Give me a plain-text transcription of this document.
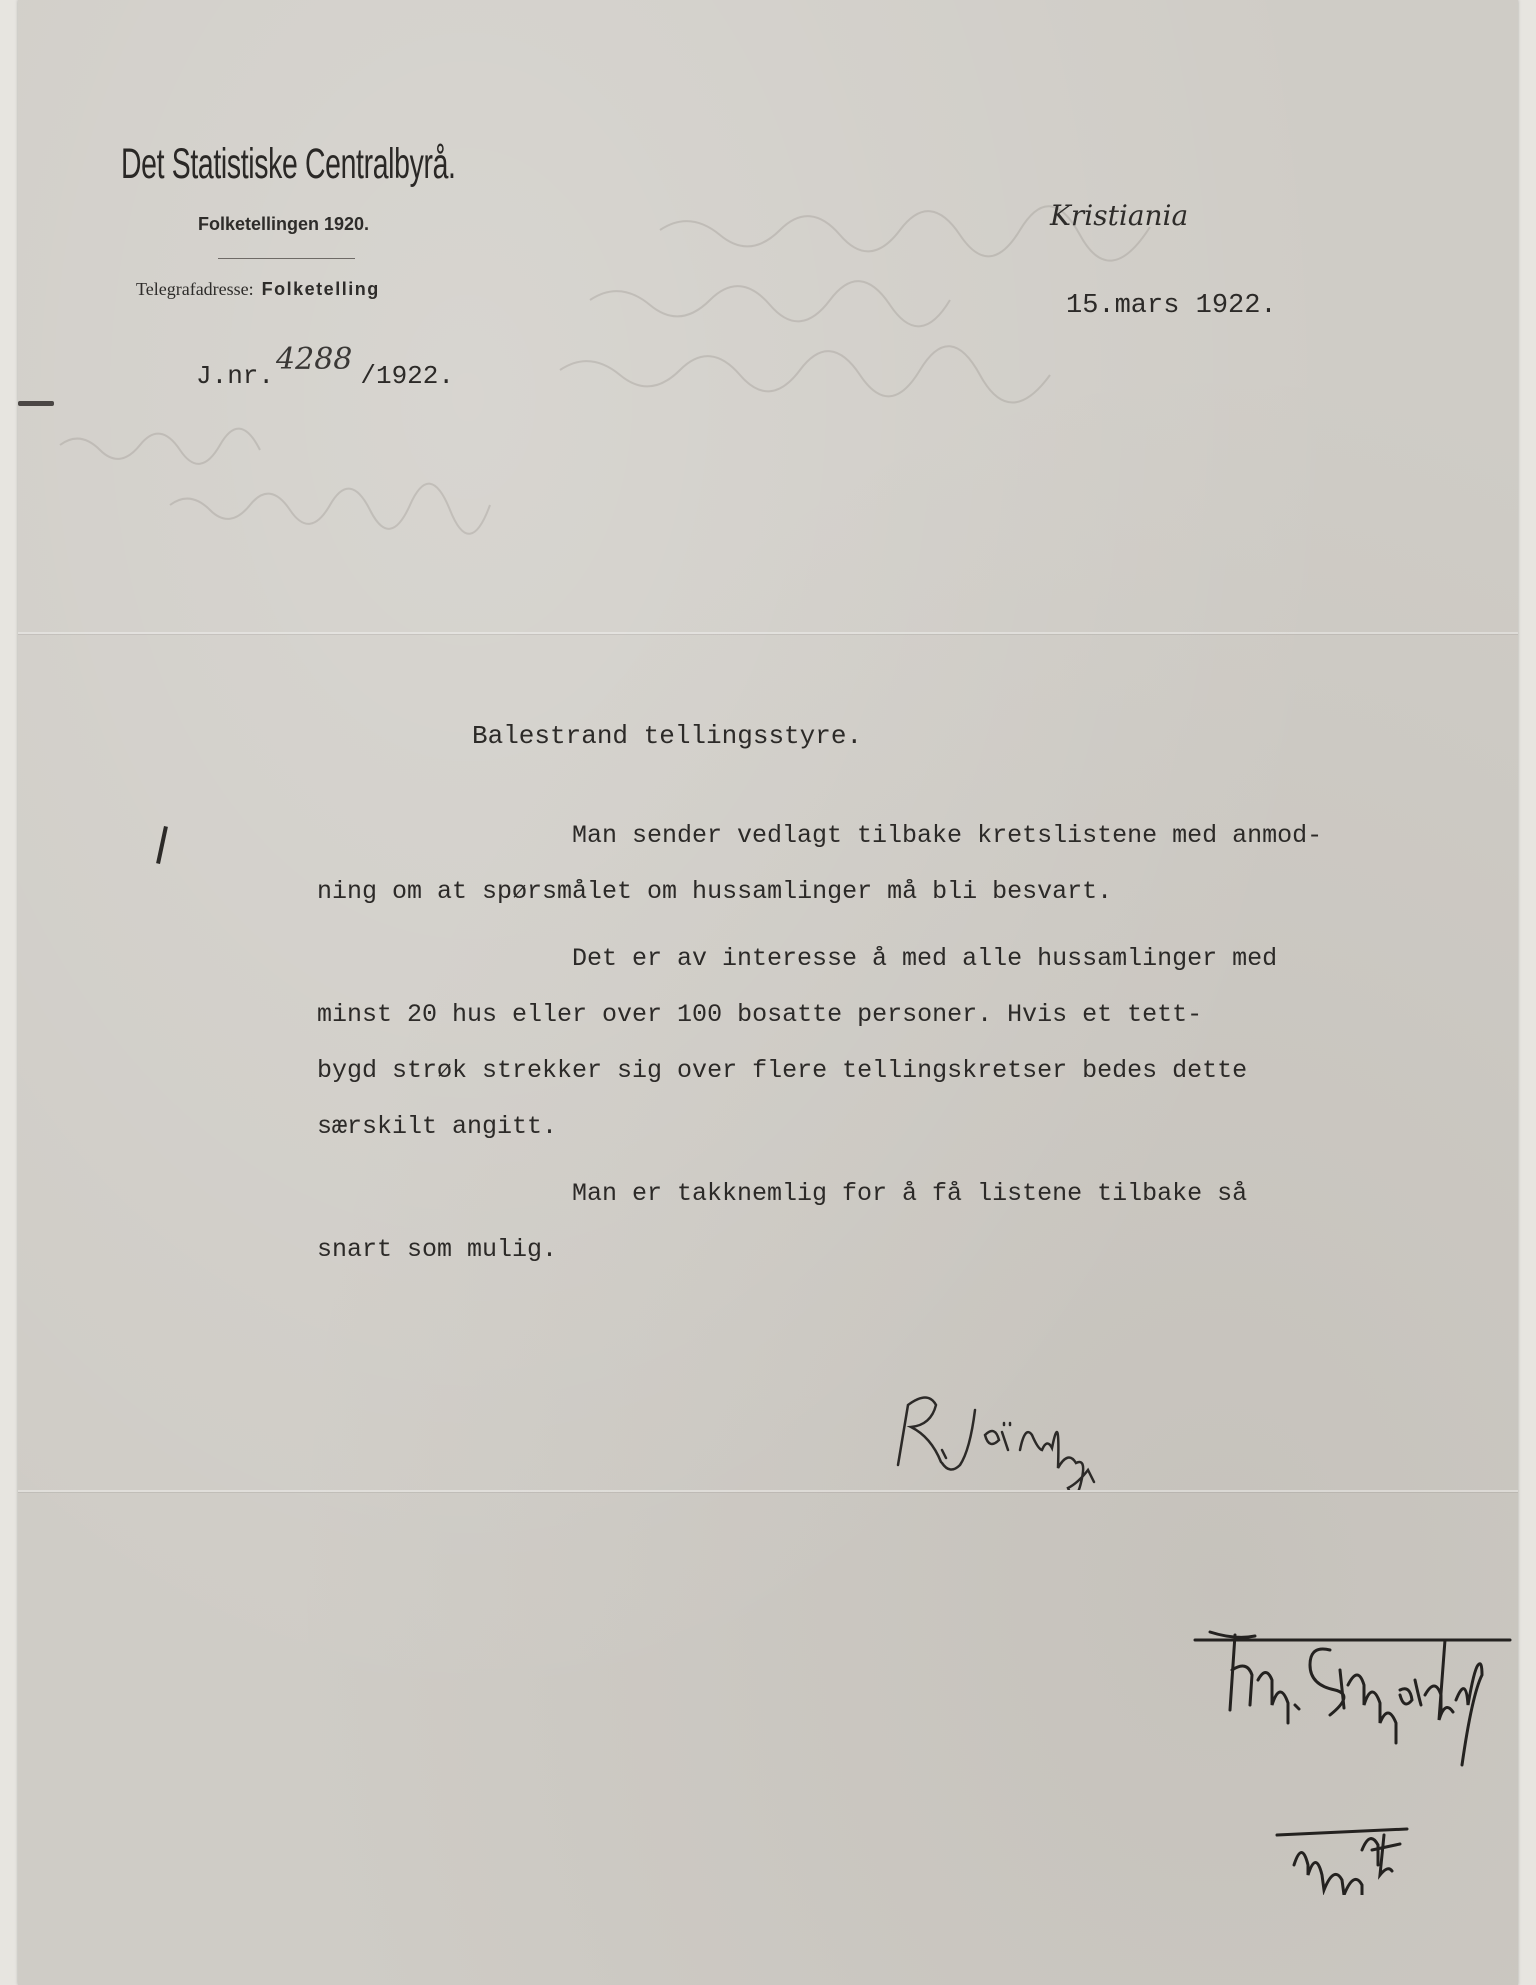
Det Statistiske Centralbyrå.
Folketellingen 1920.
Telegrafadresse: Folketelling
Kristiania
15.mars 1922.
J.nr.4288 /1922.
Balestrand tellingsstyre.

Man sender vedlagt tilbake kretslistene med anmod-
ning om at spørsmålet om hussamlinger må bli besvart.

Det er av interesse å med alle hussamlinger med
minst 20 hus eller over 100 bosatte personer. Hvis et tett-
bygd strøk strekker sig over flere tellingskretser bedes dette
særskilt angitt.

Man er takknemlig for å få listene tilbake så
snart som mulig.
